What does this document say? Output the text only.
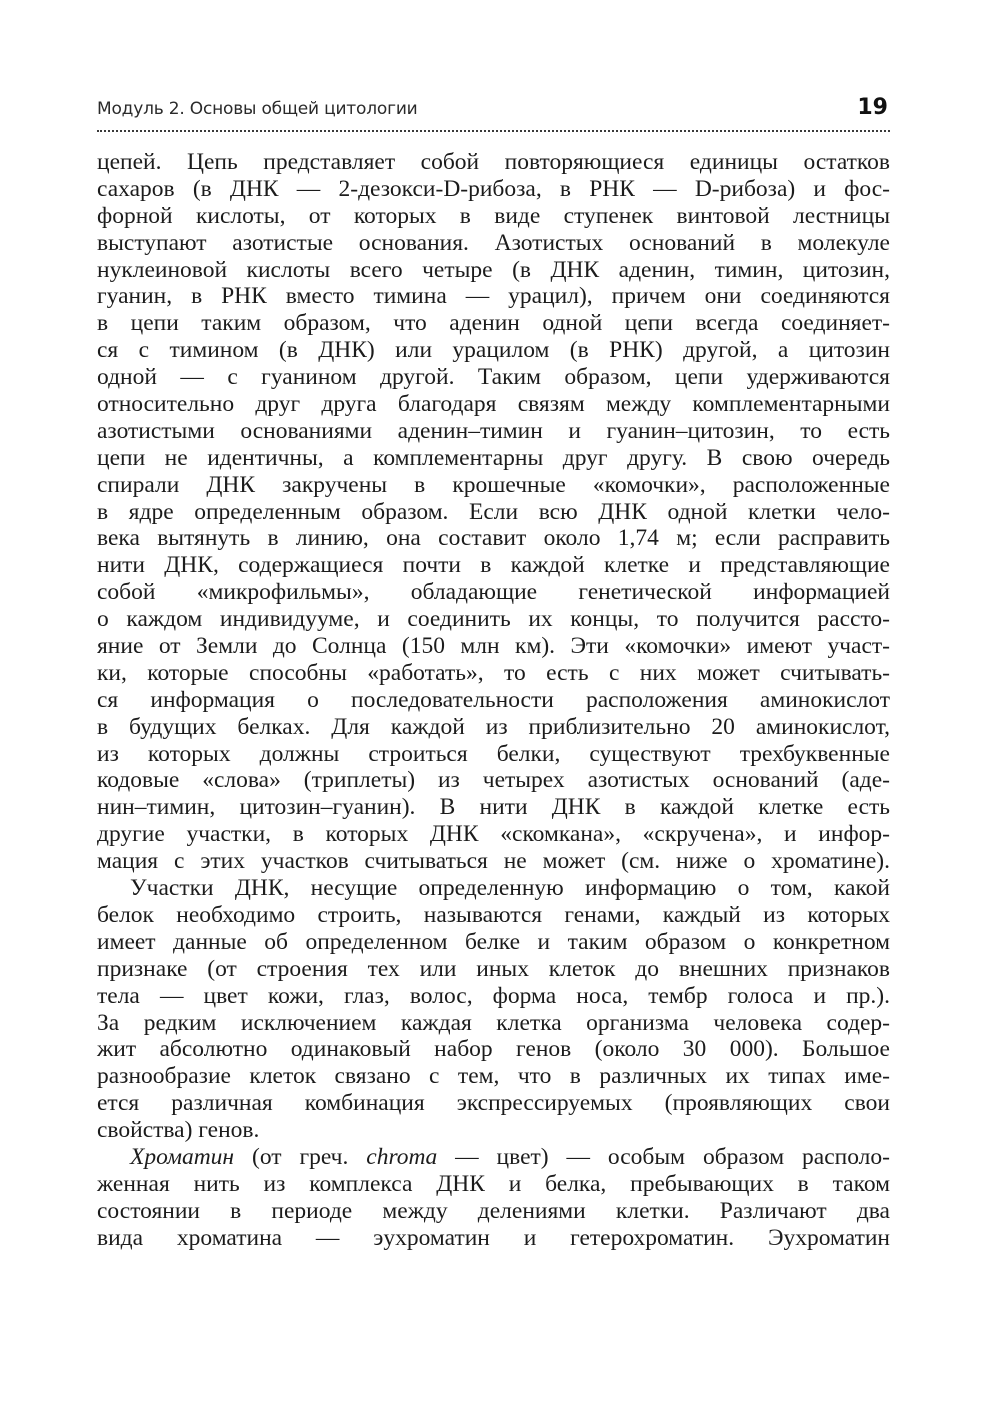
Модуль 2. Основы общей цитологии	19
цепей. Цепь представляет собой повторяющиеся единицы остатков
сахаров (в ДНК — 2-дезокси-D-рибоза, в РНК — D-рибоза) и фос-
форной кислоты, от которых в виде ступенек винтовой лестницы
выступают азотистые основания. Азотистых оснований в молекуле
нуклеиновой кислоты всего четыре (в ДНК аденин, тимин, цитозин,
гуанин, в РНК вместо тимина — урацил), причем они соединяются
в цепи таким образом, что аденин одной цепи всегда соединяет-
ся с тимином (в ДНК) или урацилом (в РНК) другой, а цитозин
одной — с гуанином другой. Таким образом, цепи удерживаются
относительно друг друга благодаря связям между комплементарными
азотистыми основаниями аденин–тимин и гуанин–цитозин, то есть
цепи не идентичны, а комплементарны друг другу. В свою очередь
спирали ДНК закручены в крошечные «комочки», расположенные
в ядре определенным образом. Если всю ДНК одной клетки чело-
века вытянуть в линию, она составит около 1,74 м; если расправить
нити ДНК, содержащиеся почти в каждой клетке и представляющие
собой «микрофильмы», обладающие генетической информацией
о каждом индивидууме, и соединить их концы, то получится рассто-
яние от Земли до Солнца (150 млн км). Эти «комочки» имеют участ-
ки, которые способны «работать», то есть с них может считывать-
ся информация о последовательности расположения аминокислот
в будущих белках. Для каждой из приблизительно 20 аминокислот,
из которых должны строиться белки, существуют трехбуквенные
кодовые «слова» (триплеты) из четырех азотистых оснований (аде-
нин–тимин, цитозин–гуанин). В нити ДНК в каждой клетке есть
другие участки, в которых ДНК «скомкана», «скручена», и инфор-
мация с этих участков считываться не может (см. ниже о хроматине).
Участки ДНК, несущие определенную информацию о том, какой
белок необходимо строить, называются генами, каждый из которых
имеет данные об определенном белке и таким образом о конкретном
признаке (от строения тех или иных клеток до внешних признаков
тела — цвет кожи, глаз, волос, форма носа, тембр голоса и пр.).
За редким исключением каждая клетка организма человека содер-
жит абсолютно одинаковый набор генов (около 30 000). Большое
разнообразие клеток связано с тем, что в различных их типах име-
ется различная комбинация экспрессируемых (проявляющих свои
свойства) генов.
Хроматин (от греч. chroma — цвет) — особым образом располо-
женная нить из комплекса ДНК и белка, пребывающих в таком
состоянии в периоде между делениями клетки. Различают два
вида хроматина — эухроматин и гетерохроматин. Эухроматин
